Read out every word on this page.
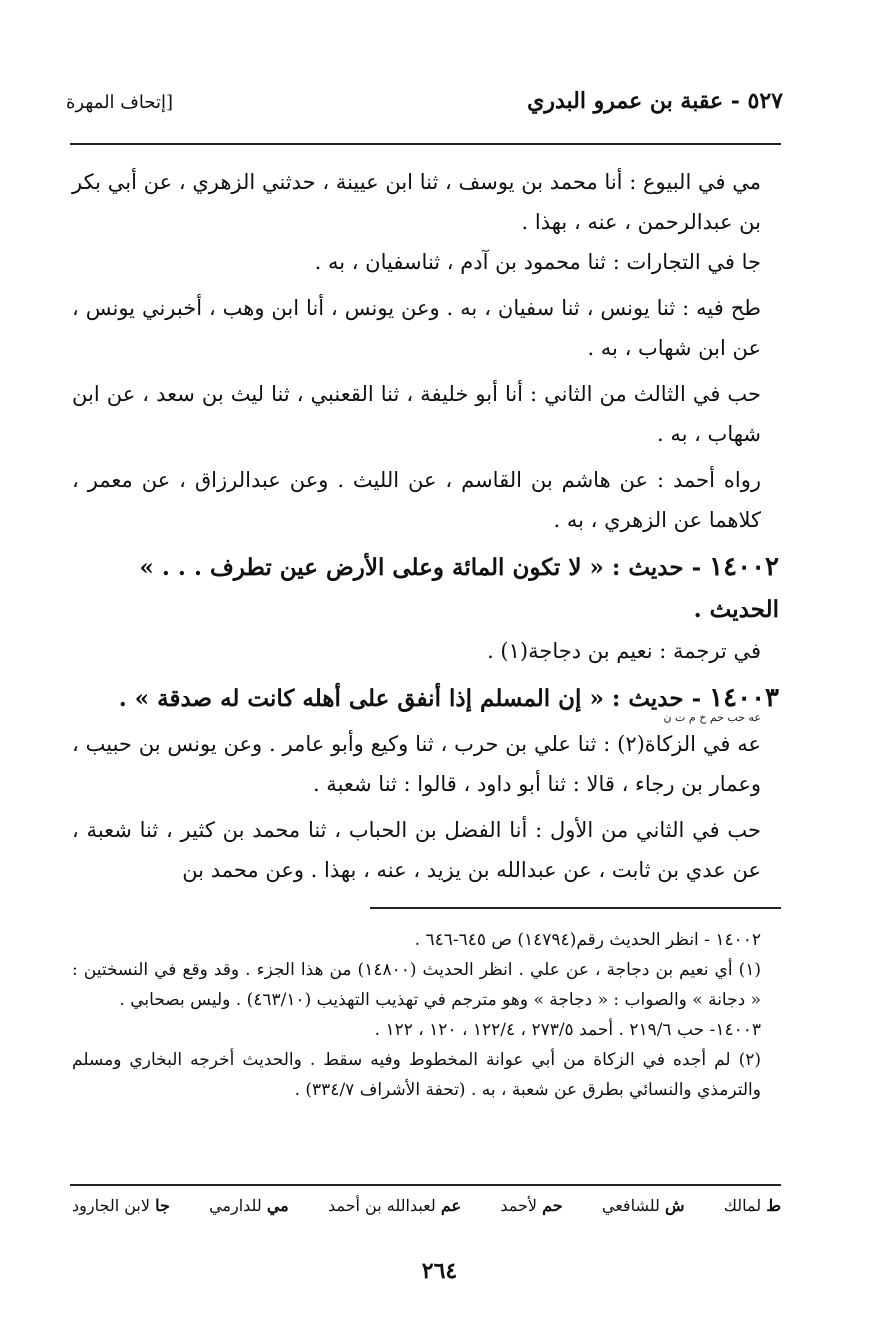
٥٢٧ - عقبة بن عمرو البدري
[إتحاف المهرة

مي في البيوع : أنا محمد بن يوسف ، ثنا ابن عيينة ، حدثني الزهري ، عن أبي بكر بن عبدالرحمن ، عنه ، بهذا .

جا في التجارات : ثنا محمود بن آدم ، ثناسفيان ، به .

طح فيه : ثنا يونس ، ثنا سفيان ، به . وعن يونس ، أنا ابن وهب ، أخبرني يونس ، عن ابن شهاب ، به .

حب في الثالث من الثاني : أنا أبو خليفة ، ثنا القعنبي ، ثنا ليث بن سعد ، عن ابن شهاب ، به .

رواه أحمد : عن هاشم بن القاسم ، عن الليث . وعن عبدالرزاق ، عن معمر ، كلاهما عن الزهري ، به .

١٤٠٠٢ - حديث : « لا تكون المائة وعلى الأرض عين تطرف . . . » الحديث .

في ترجمة : نعيم بن دجاجة(١) .

١٤٠٠٣ - حديث : « إن المسلم إذا أنفق على أهله كانت له صدقة » .

عه حب حم خ م ت ن

عه في الزكاة(٢) : ثنا علي بن حرب ، ثنا وكيع وأبو عامر . وعن يونس بن حبيب ، وعمار بن رجاء ، قالا : ثنا أبو داود ، قالوا : ثنا شعبة .

حب في الثاني من الأول : أنا الفضل بن الحباب ، ثنا محمد بن كثير ، ثنا شعبة ، عن عدي بن ثابت ، عن عبدالله بن يزيد ، عنه ، بهذا . وعن محمد بن

١٤٠٠٢ - انظر الحديث رقم(١٤٧٩٤) ص ٦٤٥-٦٤٦ .

(١) أي نعيم بن دجاجة ، عن علي . انظر الحديث (١٤٨٠٠) من هذا الجزء . وقد وقع في النسختين : « دجانة » والصواب : « دجاجة » وهو مترجم في تهذيب التهذيب (٤٦٣/١٠) . وليس بصحابي .

١٤٠٠٣- حب ٢١٩/٦ . أحمد ٢٧٣/٥ ، ١٢٢/٤ ، ١٢٠ ، ١٢٢ .

(٢) لم أجده في الزكاة من أبي عوانة المخطوط وفيه سقط . والحديث أخرجه البخاري ومسلم والترمذي والنسائي بطرق عن شعبة ، به . (تحفة الأشراف ٣٣٤/٧) .

ط لمالك
ش للشافعي
حم لأحمد
عم لعبدالله بن أحمد
مي للدارمي
جا لابن الجارود
٢٦٤
